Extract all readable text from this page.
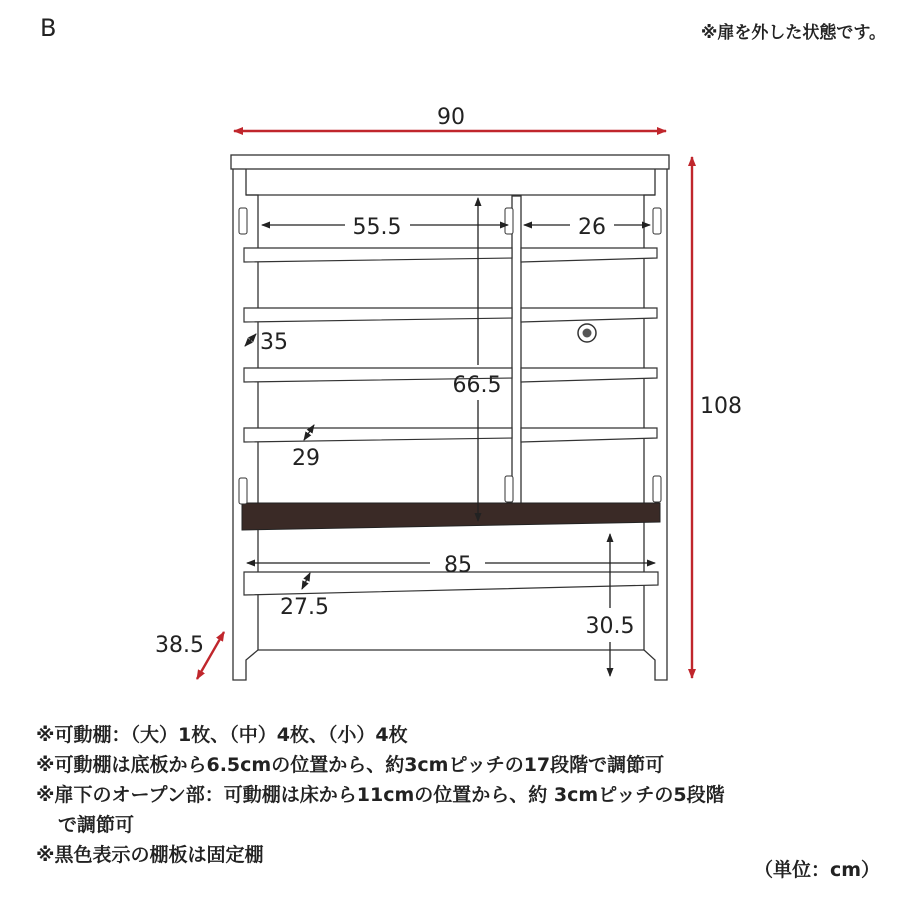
B	※扉を外した状態です。
90
108
38.5
55.5	26
35
66.5
29
85
27.5
30.5
※可動棚：（大）1枚、（中）4枚、（小）4枚
※可動棚は底板から6.5cmの位置から、約3cmピッチの17段階で調節可
※扉下のオープン部：可動棚は床から11cmの位置から、約 3cmピッチの5段階
で調節可
※黒色表示の棚板は固定棚
（単位：cm）
